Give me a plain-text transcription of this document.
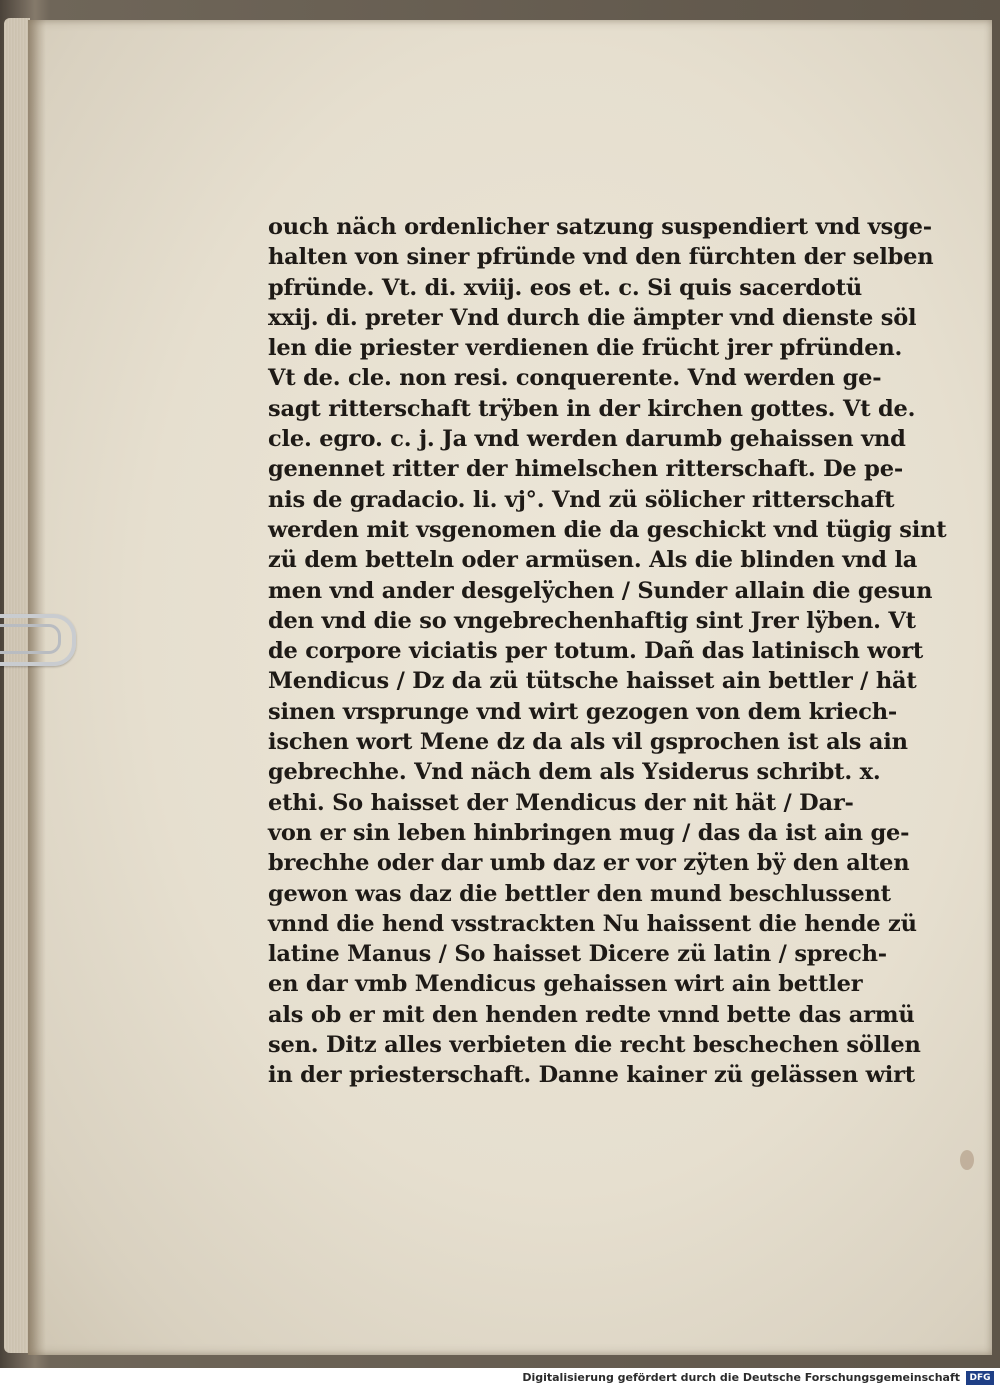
ouch näch ordenlicher satzung suspendiert vnd vsge-
halten von siner pfründe vnd den fürchten der selben
pfründe. Vt. di. xviij. eos et. c. Si quis sacerdotü
xxij. di. preter Vnd durch die ämpter vnd dienste söl
len die priester verdienen die frücht jrer pfründen.
Vt de. cle. non resi. conquerente. Vnd werden ge-
sagt ritterschaft trÿben in der kirchen gottes. Vt de.
cle. egro. c. j. Ja vnd werden darumb gehaissen vnd
genennet ritter der himelschen ritterschaft. De pe-
nis de gradacio. li. vj°. Vnd zü sölicher ritterschaft
werden mit vsgenomen die da geschickt vnd tügig sint
zü dem betteln oder armüsen. Als die blinden vnd la
men vnd ander desgelÿchen / Sunder allain die gesun
den vnd die so vngebrechenhaftig sint Jrer lÿben. Vt
de corpore viciatis per totum. Dañ das latinisch wort
Mendicus / Dz da zü tütsche haisset ain bettler / hät
sinen vrsprunge vnd wirt gezogen von dem kriech-
ischen wort Mene dz da als vil gsprochen ist als ain
gebrechhe. Vnd näch dem als Ysiderus schribt. x.
ethi. So haisset der Mendicus der nit hät / Dar-
von er sin leben hinbringen mug / das da ist ain ge-
brechhe oder dar umb daz er vor zÿten bÿ den alten
gewon was daz die bettler den mund beschlussent
vnnd die hend vsstrackten Nu haissent die hende zü
latine Manus / So haisset Dicere zü latin / sprech-
en dar vmb Mendicus gehaissen wirt ain bettler
als ob er mit den henden redte vnnd bette das armü
sen. Ditz alles verbieten die recht beschechen söllen
in der priesterschaft. Danne kainer zü gelässen wirt
Digitalisierung gefördert durch die Deutsche Forschungsgemeinschaft	DFG
